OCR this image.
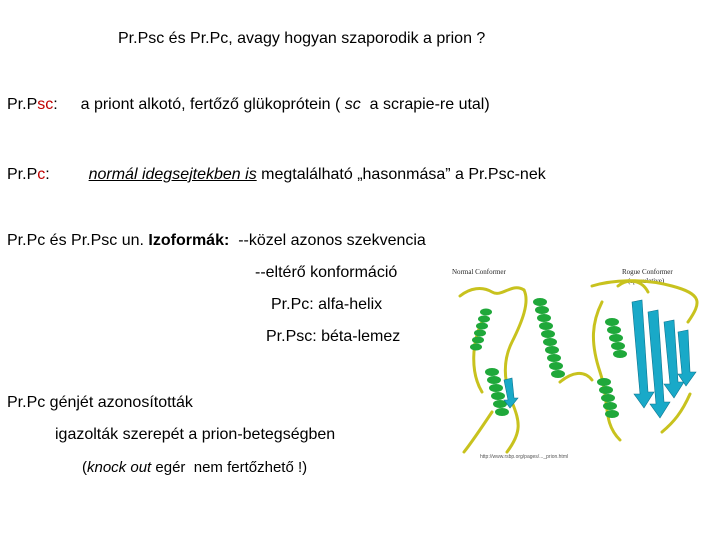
Pr.Psc és Pr.Pc, avagy hogyan szaporodik a prion ?
Pr.Psc: a priont alkotó, fertőző glükoprótein ( sc  a scrapie-re utal)
Pr.Pc: normál idegsejtekben is megtalálható „hasonmása” a Pr.Psc-nek
Pr.Pc és Pr.Psc un. Izoformák:  --közel azonos szekvencia
--eltérő konformáció
Pr.Pc: alfa-helix
Pr.Psc: béta-lemez
Pr.Pc génjét azonosították
igazolták szerepét a prion-betegségben
(knock out egér  nem fertőzhető !)
Normal Conformer	Rogue Conformer
(speculative)
http://www.rsbp.org/pages/..._prion.html
